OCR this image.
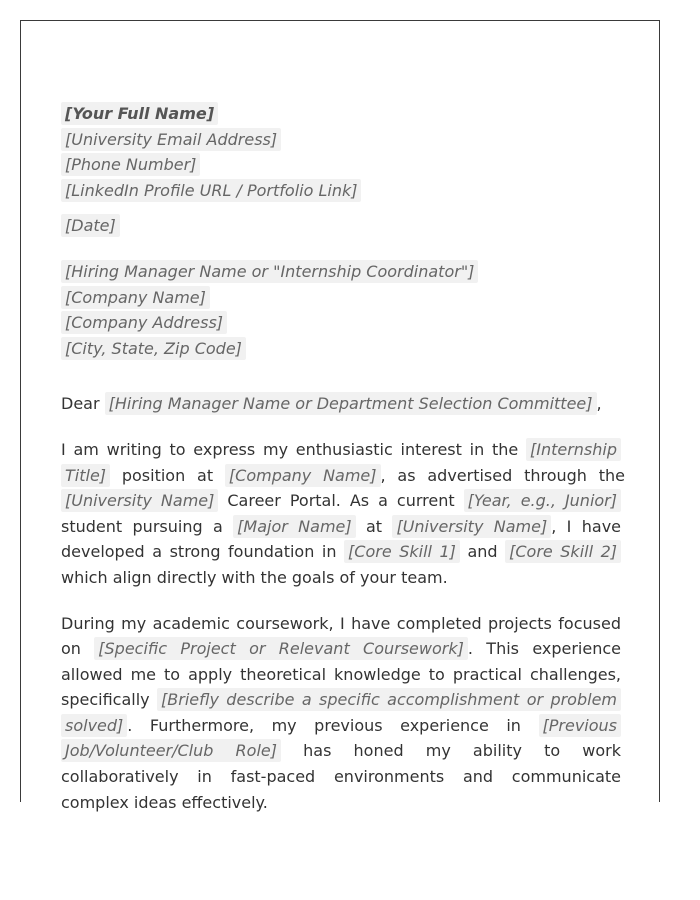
[Your Full Name]
[University Email Address]
[Phone Number]
[LinkedIn Profile URL / Portfolio Link]
[Date]
[Hiring Manager Name or "Internship Coordinator"]
[Company Name]
[Company Address]
[City, State, Zip Code]
Dear [Hiring Manager Name or Department Selection Committee] ,

I am writing to express my enthusiastic interest in the [Internship Title] position at [Company Name] , as advertised through the [University Name] Career Portal. As a current [Year, e.g., Junior] student pursuing a [Major Name] at [University Name] , I have developed a strong foundation in [Core Skill 1] and [Core Skill 2] which align directly with the goals of your team.

During my academic coursework, I have completed projects focused on [Specific Project or Relevant Coursework] . This experience allowed me to apply theoretical knowledge to practical challenges, specifically [Briefly describe a specific accomplishment or problem solved] . Furthermore, my previous experience in [Previous Job/Volunteer/Club Role] has honed my ability to work collaboratively in fast-paced environments and communicate complex ideas effectively.
